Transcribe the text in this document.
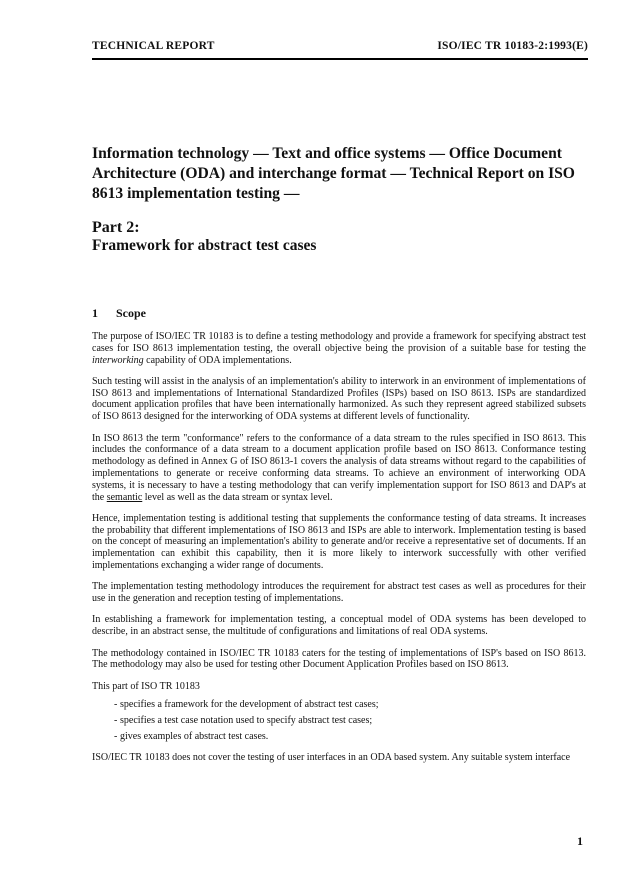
TECHNICAL REPORT	ISO/IEC TR 10183-2:1993(E)
Information technology — Text and office systems — Office Document Architecture (ODA) and interchange format — Technical Report on ISO 8613 implementation testing —
Part 2:
Framework for abstract test cases
1 Scope

The purpose of ISO/IEC TR 10183 is to define a testing methodology and provide a framework for specifying abstract test cases for ISO 8613 implementation testing, the overall objective being the provision of a suitable base for testing the interworking capability of ODA implementations.

Such testing will assist in the analysis of an implementation's ability to interwork in an environment of implementations of ISO 8613 and implementations of International Standardized Profiles (ISPs) based on ISO 8613. ISPs are standardized document application profiles that have been internationally harmonized. As such they represent agreed stabilized subsets of ISO 8613 designed for the interworking of ODA systems at different levels of functionality.

In ISO 8613 the term "conformance" refers to the conformance of a data stream to the rules specified in ISO 8613. This includes the conformance of a data stream to a document application profile based on ISO 8613. Conformance testing methodology as defined in Annex G of ISO 8613-1 covers the analysis of data streams without regard to the capabilities of implementations to generate or receive conforming data streams. To achieve an environment of interworking ODA systems, it is necessary to have a testing methodology that can verify implementation support for ISO 8613 and DAP's at the semantic level as well as the data stream or syntax level.

Hence, implementation testing is additional testing that supplements the conformance testing of data streams. It increases the probability that different implementations of ISO 8613 and ISPs are able to interwork. Implementation testing is based on the concept of measuring an implementation's ability to generate and/or receive a representative set of documents. If an implementation can exhibit this capability, then it is more likely to interwork successfully with other verified implementations exchanging a wider range of documents.

The implementation testing methodology introduces the requirement for abstract test cases as well as procedures for their use in the generation and reception testing of implementations.

In establishing a framework for implementation testing, a conceptual model of ODA systems has been developed to describe, in an abstract sense, the multitude of configurations and limitations of real ODA systems.

The methodology contained in ISO/IEC TR 10183 caters for the testing of implementations of ISP's based on ISO 8613. The methodology may also be used for testing other Document Application Profiles based on ISO 8613.

This part of ISO TR 10183

- specifies a framework for the development of abstract test cases;
- specifies a test case notation used to specify abstract test cases;
- gives examples of abstract test cases.

ISO/IEC TR 10183 does not cover the testing of user interfaces in an ODA based system. Any suitable system interface

1
